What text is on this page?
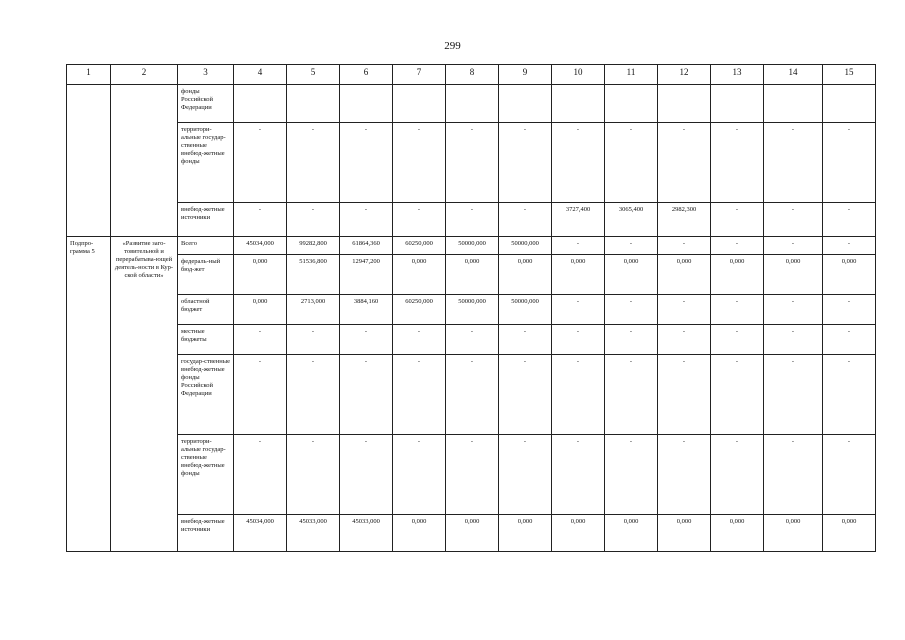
299
1	2	3	4	5	6	7	8	9	10	11	12	13	14	15
		фонды Российской Федерации												
		территори-альные государ-ственные внебюд-жетные фонды	-	-	-	-	-	-	-	-	-	-	-	-
		внебюд-жетные источники	-	-	-	-	-	-	3727,400	3065,400	2982,300	-	-	-
Подпро-грамма 5	«Развитие заго-товительной и перерабатыва-ющей деятель-ности в Кур-ской области»	Всего	45034,000	99282,800	61864,360	60250,000	50000,000	50000,000	-	-	-	-	-	-
		федераль-ный бюд-жет	0,000	51536,800	12947,200	0,000	0,000	0,000	0,000	0,000	0,000	0,000	0,000	0,000
		областной бюджет	0,000	2713,000	3884,160	60250,000	50000,000	50000,000	-	-	-	-	-	-
		местные бюджеты	-	-	-	-	-	-	-	-	-	-	-	-
		государ-ственные внебюд-жетные фонды Российской Федерации	-	-	-	-	-	-	-	-	-	-	-	-
		территори-альные государ-ственные внебюд-жетные фонды	-	-	-	-	-	-	-	-	-	-	-	-
		внебюд-жетные источники	45034,000	45033,000	45033,000	0,000	0,000	0,000	0,000	0,000	0,000	0,000	0,000	0,000
